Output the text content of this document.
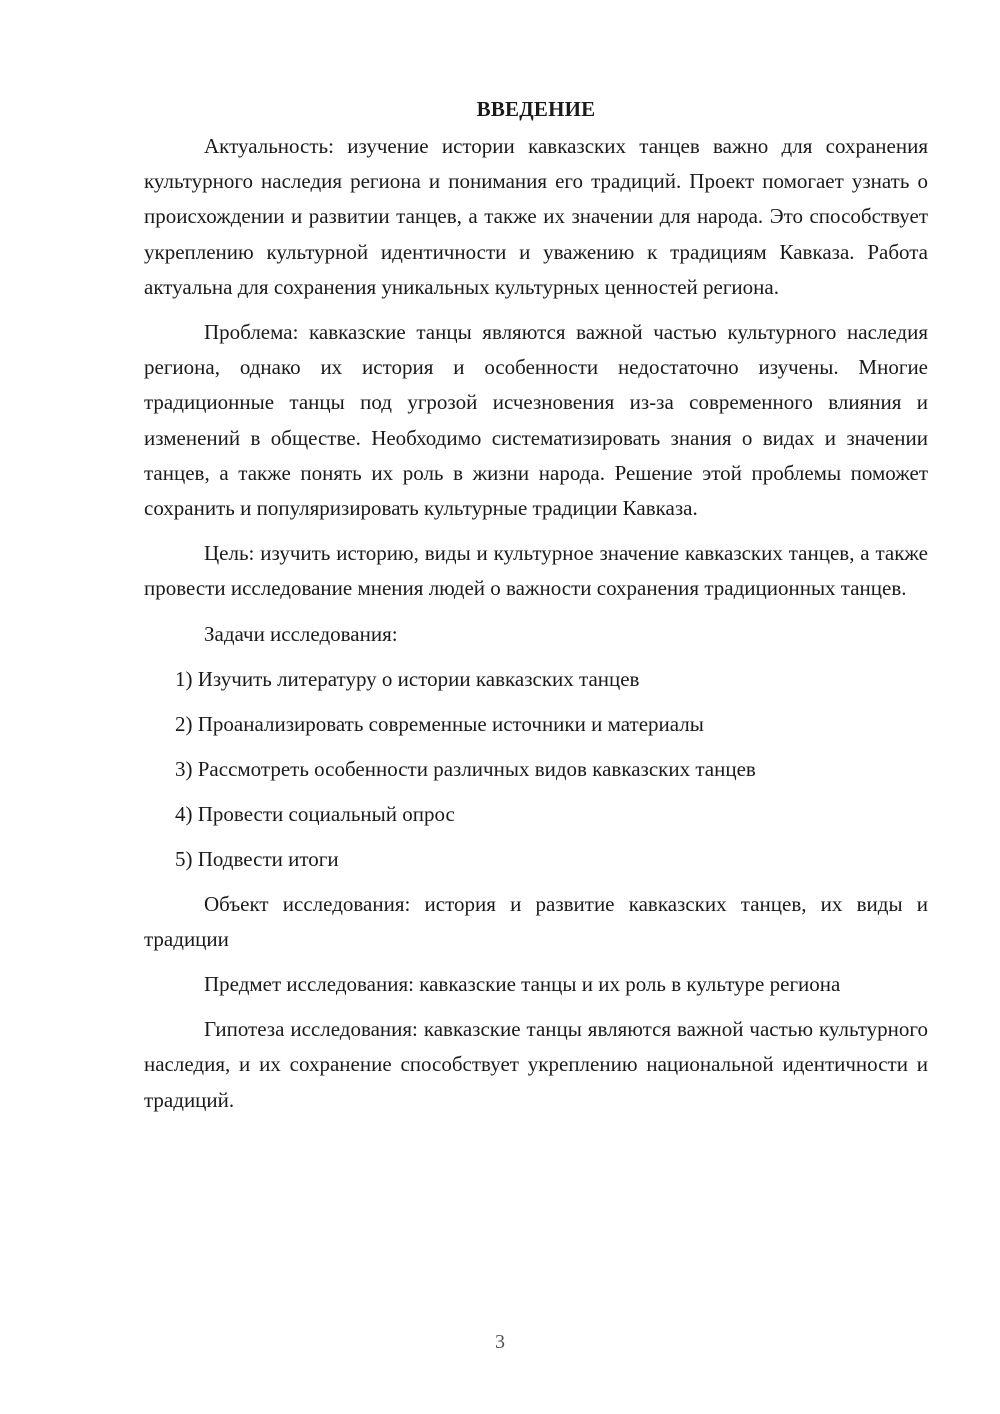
ВВЕДЕНИЕ

Актуальность: изучение истории кавказских танцев важно для сохранения культурного наследия региона и понимания его традиций. Проект помогает узнать о происхождении и развитии танцев, а также их значении для народа. Это способствует укреплению культурной идентичности и уважению к традициям Кавказа. Работа актуальна для сохранения уникальных культурных ценностей региона.

Проблема: кавказские танцы являются важной частью культурного наследия региона, однако их история и особенности недостаточно изучены. Многие традиционные танцы под угрозой исчезновения из-за современного влияния и изменений в обществе. Необходимо систематизировать знания о видах и значении танцев, а также понять их роль в жизни народа. Решение этой проблемы поможет сохранить и популяризировать культурные традиции Кавказа.

Цель: изучить историю, виды и культурное значение кавказских танцев, а также провести исследование мнения людей о важности сохранения традиционных танцев.

Задачи исследования:
1) Изучить литературу о истории кавказских танцев
2) Проанализировать современные источники и материалы
3) Рассмотреть особенности различных видов кавказских танцев
4) Провести социальный опрос
5) Подвести итоги

Объект исследования: история и развитие кавказских танцев, их виды и традиции

Предмет исследования: кавказские танцы и их роль в культуре региона

Гипотеза исследования: кавказские танцы являются важной частью культурного наследия, и их сохранение способствует укреплению национальной идентичности и традиций.

3
